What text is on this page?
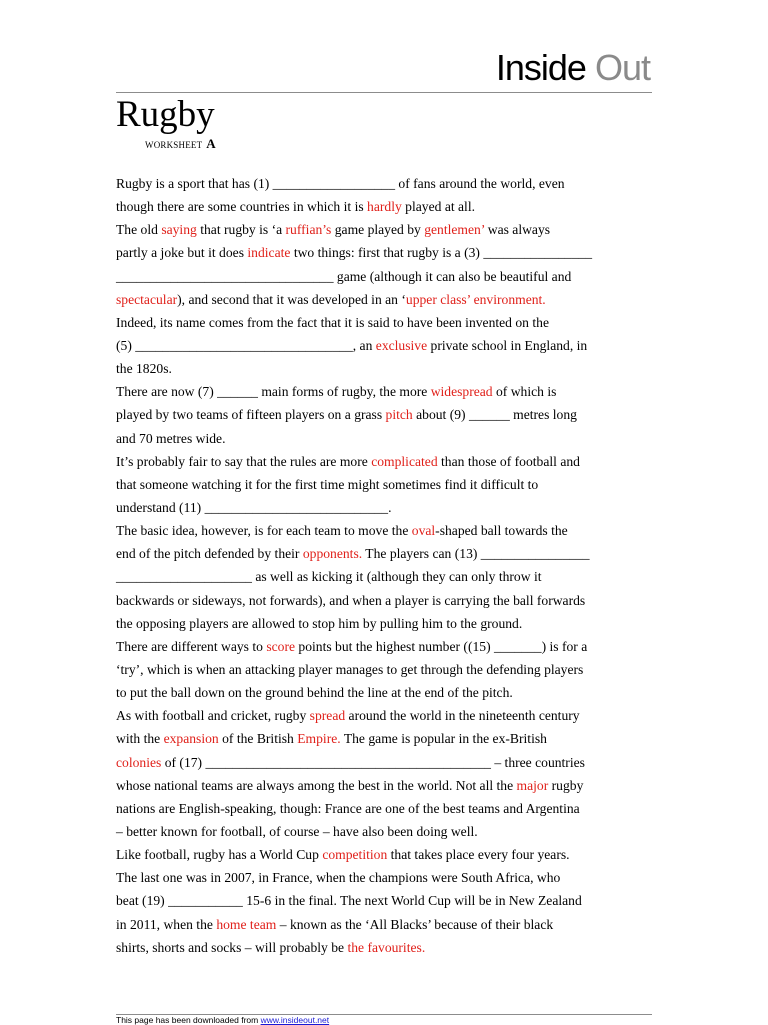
Inside Out
Rugby
WORKSHEET A
Rugby is a sport that has (1) __________________ of fans around the world, even
though there are some countries in which it is hardly played at all.
The old saying that rugby is ‘a ruffian’s game played by gentlemen’ was always
partly a joke but it does indicate two things: first that rugby is a (3) ________________
________________________________ game (although it can also be beautiful and
spectacular), and second that it was developed in an ‘upper class’ environment.
Indeed, its name comes from the fact that it is said to have been invented on the
(5) ________________________________, an exclusive private school in England, in
the 1820s.
There are now (7) ______ main forms of rugby, the more widespread of which is
played by two teams of fifteen players on a grass pitch about (9) ______ metres long
and 70 metres wide.
It’s probably fair to say that the rules are more complicated than those of football and
that someone watching it for the first time might sometimes find it difficult to
understand (11) ___________________________.
The basic idea, however, is for each team to move the oval-shaped ball towards the
end of the pitch defended by their opponents. The players can (13) ________________
____________________ as well as kicking it (although they can only throw it
backwards or sideways, not forwards), and when a player is carrying the ball forwards
the opposing players are allowed to stop him by pulling him to the ground.
There are different ways to score points but the highest number ((15) _______) is for a
‘try’, which is when an attacking player manages to get through the defending players
to put the ball down on the ground behind the line at the end of the pitch.
As with football and cricket, rugby spread around the world in the nineteenth century
with the expansion of the British Empire. The game is popular in the ex-British
colonies of (17) __________________________________________ – three countries
whose national teams are always among the best in the world. Not all the major rugby
nations are English-speaking, though: France are one of the best teams and Argentina
– better known for football, of course – have also been doing well.
Like football, rugby has a World Cup competition that takes place every four years.
The last one was in 2007, in France, when the champions were South Africa, who
beat (19) ___________ 15-6 in the final. The next World Cup will be in New Zealand
in 2011, when the home team – known as the ‘All Blacks’ because of their black
shirts, shorts and socks – will probably be the favourites.
This page has been downloaded from www.insideout.net
